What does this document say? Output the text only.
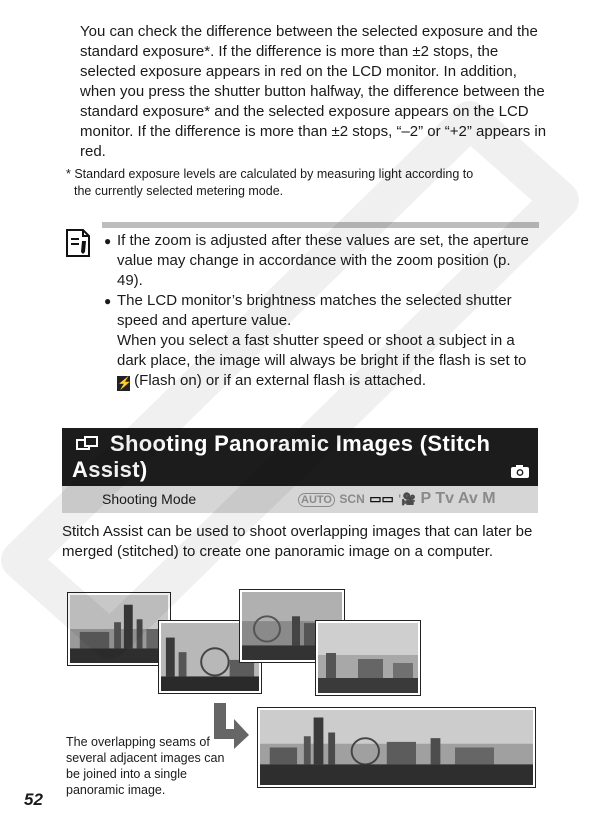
You can check the difference between the selected exposure and the standard exposure*. If the difference is more than ±2 stops, the selected exposure appears in red on the LCD monitor. In addition, when you press the shutter button halfway, the difference between the standard exposure* and the selected exposure appears on the LCD monitor. If the difference is more than ±2 stops, “–2” or “+2” appears in red.
* Standard exposure levels are calculated by measuring light according to
the currently selected metering mode.
● If the zoom is adjusted after these values are set, the aperture value may change in accordance with the zoom position (p. 49).
● The LCD monitor’s brightness matches the selected shutter speed and aperture value.
When you select a fast shutter speed or shoot a subject in a dark place, the image will always be bright if the flash is set to ⚡ (Flash on) or if an external flash is attached.
Shooting Panoramic Images (Stitch Assist)
Shooting Mode	AUTO SCN ▭▭ '🎥 P Tv Av M
Stitch Assist can be used to shoot overlapping images that can later be merged (stitched) to create one panoramic image on a computer.
The overlapping seams of several adjacent images can be joined into a single panoramic image.
52
